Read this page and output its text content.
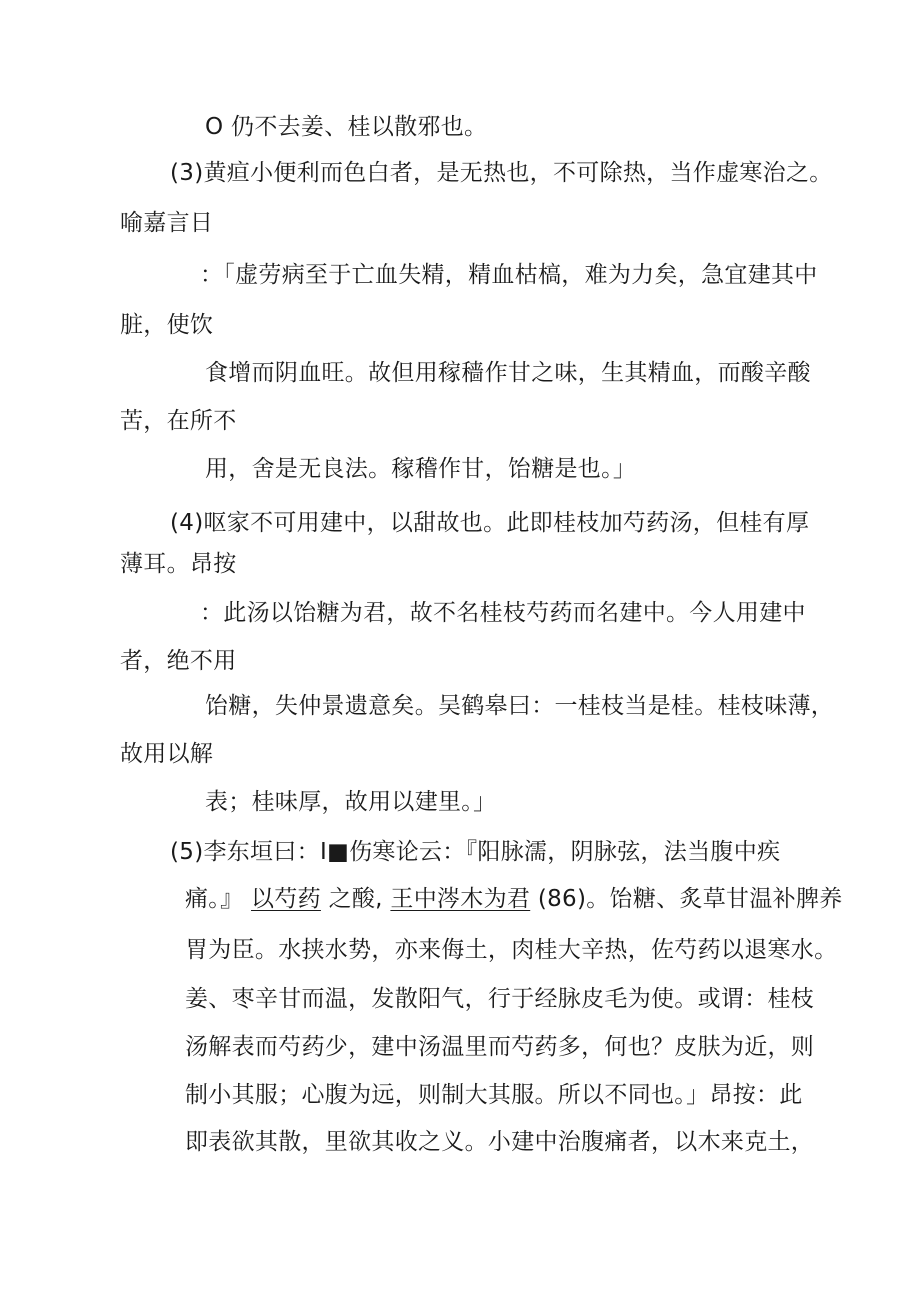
O 仍不去姜、桂以散邪也。
(3)黄疸小便利而色白者，是无热也，不可除热，当作虚寒治之。
喻嘉言日
：「虚劳病至于亡血失精，精血枯槁，难为力矣，急宜建其中
脏，使饮
食增而阴血旺。故但用稼穑作甘之味，生其精血，而酸辛酸
苦，在所不
用，舍是无良法。稼稽作甘，饴糖是也。」
(4)呕家不可用建中，以甜故也。此即桂枝加芍药汤，但桂有厚
薄耳。昂按
：此汤以饴糖为君，故不名桂枝芍药而名建中。今人用建中
者，绝不用
饴糖，失仲景遗意矣。吴鹤皋曰：一桂枝当是桂。桂枝味薄，
故用以解
表；桂味厚，故用以建里。」
(5)李东垣曰：I■伤寒论云：『阳脉濡，阴脉弦，法当腹中疾
痛。』 以芍药 之酸, 王中涔木为君 (86)。饴糖、炙草甘温补脾养
胃为臣。水挟水势，亦来侮土，肉桂大辛热，佐芍药以退寒水。
姜、枣辛甘而温，发散阳气，行于经脉皮毛为使。或谓：桂枝
汤解表而芍药少，建中汤温里而芍药多，何也？皮肤为近，则
制小其服；心腹为远，则制大其服。所以不同也。」昂按：此
即表欲其散，里欲其收之义。小建中治腹痛者，以木来克土，
